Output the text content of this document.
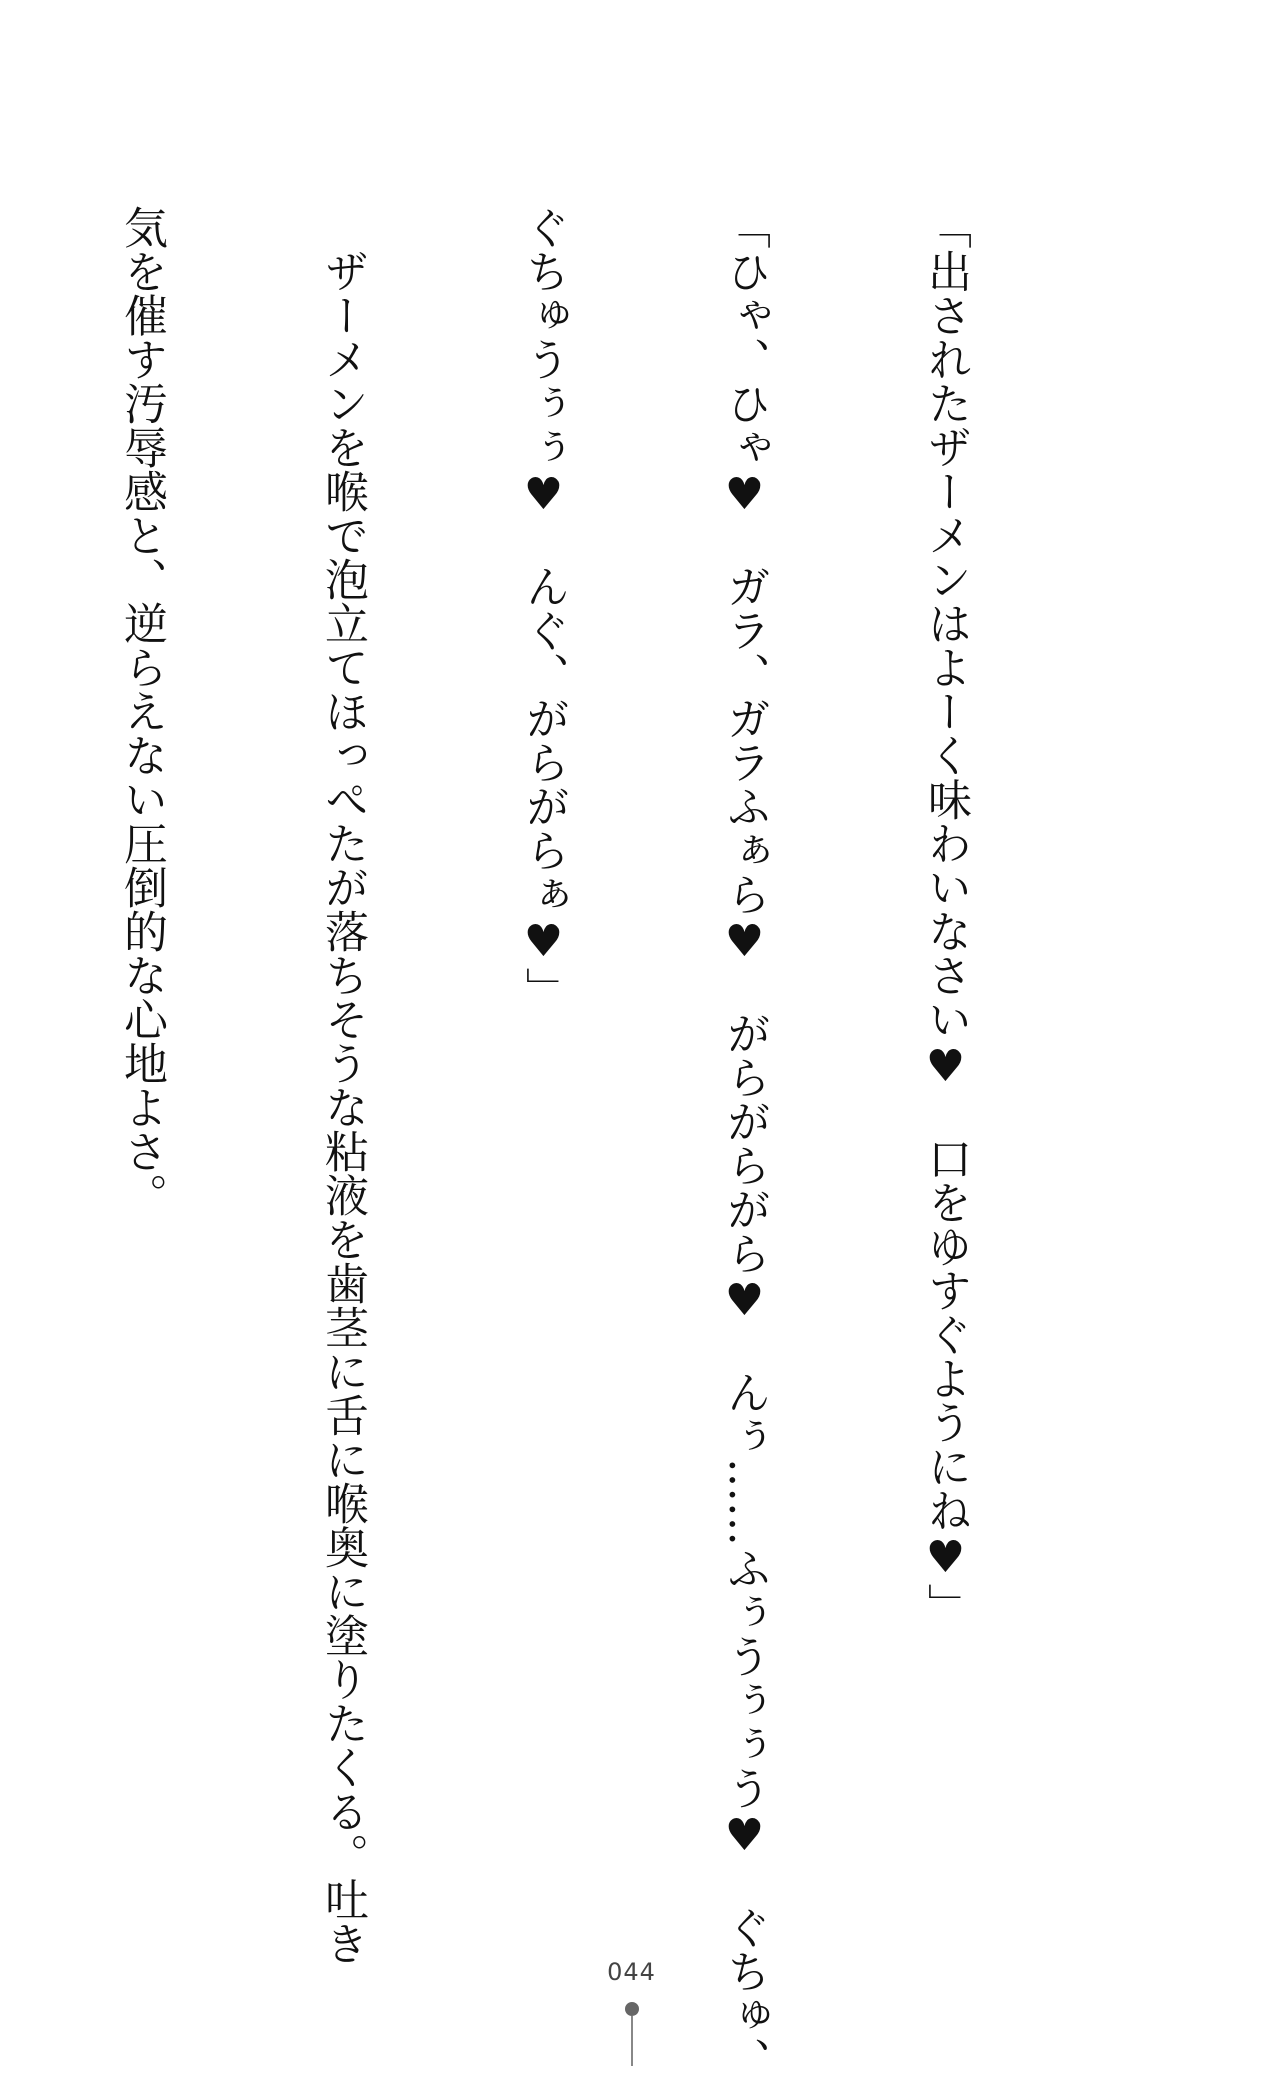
「出されたザーメンはよーく味わいなさい♥　口をゆすぐようにね♥」

「ひゃ、ひゃ♥　ガラ、ガラふぁら♥　がらがらがら♥　んぅ……ふぅうぅぅう♥　ぐちゅ、

ぐちゅうぅぅ♥　んぐ、がらがらぁ♥」

　ザーメンを喉で泡立てほっぺたが落ちそうな粘液を歯茎に舌に喉奥に塗りたくる。吐き

気を催す汚辱感と、逆らえない圧倒的な心地よさ。

044
